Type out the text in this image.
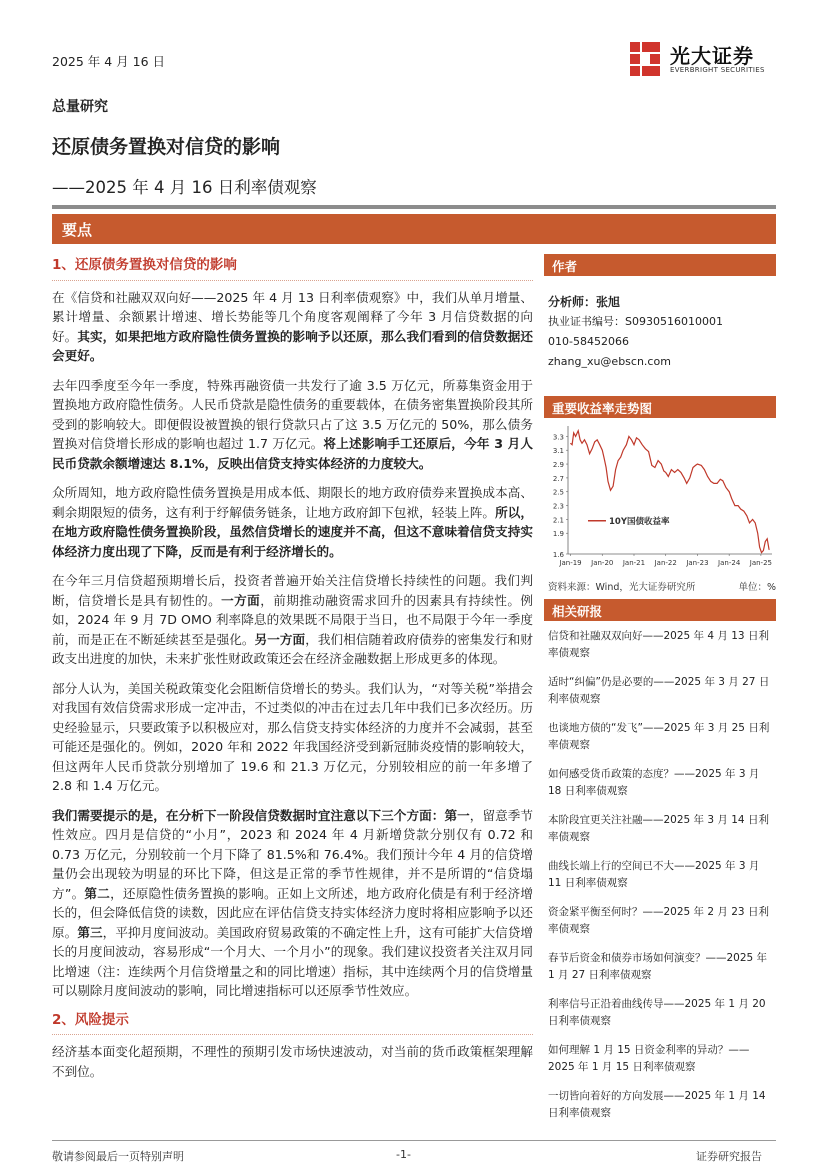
2025 年 4 月 16 日	光大证券
EVERBRIGHT SECURITIES
总量研究
还原债务置换对信贷的影响
——2025 年 4 月 16 日利率债观察
要点
1、还原债务置换对信贷的影响

在《信贷和社融双双向好——2025 年 4 月 13 日利率债观察》中，我们从单月增量、累计增量、余额累计增速、增长势能等几个角度客观阐释了今年 3 月信贷数据的向好。其实，如果把地方政府隐性债务置换的影响予以还原，那么我们看到的信贷数据还会更好。

去年四季度至今年一季度，特殊再融资债一共发行了逾 3.5 万亿元，所募集资金用于置换地方政府隐性债务。人民币贷款是隐性债务的重要载体，在债务密集置换阶段其所受到的影响较大。即便假设被置换的银行贷款只占了这 3.5 万亿元的 50%，那么债务置换对信贷增长形成的影响也超过 1.7 万亿元。将上述影响手工还原后，今年 3 月人民币贷款余额增速达 8.1%，反映出信贷支持实体经济的力度较大。

众所周知，地方政府隐性债务置换是用成本低、期限长的地方政府债券来置换成本高、剩余期限短的债务，这有利于纾解债务链条，让地方政府卸下包袱，轻装上阵。所以，在地方政府隐性债务置换阶段，虽然信贷增长的速度并不高，但这不意味着信贷支持实体经济力度出现了下降，反而是有利于经济增长的。

在今年三月信贷超预期增长后，投资者普遍开始关注信贷增长持续性的问题。我们判断，信贷增长是具有韧性的。一方面，前期推动融资需求回升的因素具有持续性。例如，2024 年 9 月 7D OMO 利率降息的效果既不局限于当日，也不局限于今年一季度前，而是正在不断延续甚至是强化。另一方面，我们相信随着政府债券的密集发行和财政支出进度的加快，未来扩张性财政政策还会在经济金融数据上形成更多的体现。

部分人认为，美国关税政策变化会阻断信贷增长的势头。我们认为，“对等关税”举措会对我国有效信贷需求形成一定冲击，不过类似的冲击在过去几年中我们已多次经历。历史经验显示，只要政策予以积极应对，那么信贷支持实体经济的力度并不会减弱，甚至可能还是强化的。例如，2020 年和 2022 年我国经济受到新冠肺炎疫情的影响较大，但这两年人民币贷款分别增加了 19.6 和 21.3 万亿元，分别较相应的前一年多增了 2.8 和 1.4 万亿元。

我们需要提示的是，在分析下一阶段信贷数据时宜注意以下三个方面：第一，留意季节性效应。四月是信贷的“小月”，2023 和 2024 年 4 月新增贷款分别仅有 0.72 和 0.73 万亿元，分别较前一个月下降了 81.5%和 76.4%。我们预计今年 4 月的信贷增量仍会出现较为明显的环比下降，但这是正常的季节性规律，并不是所谓的“信贷塌方”。第二，还原隐性债务置换的影响。正如上文所述，地方政府化债是有利于经济增长的，但会降低信贷的读数，因此应在评估信贷支持实体经济力度时将相应影响予以还原。第三，平抑月度间波动。美国政府贸易政策的不确定性上升，这有可能扩大信贷增长的月度间波动，容易形成“一个月大、一个月小”的现象。我们建议投资者关注双月同比增速（注：连续两个月信贷增量之和的同比增速）指标，其中连续两个月的信贷增量可以剔除月度间波动的影响，同比增速指标可以还原季节性效应。

2、风险提示

经济基本面变化超预期，不理性的预期引发市场快速波动，对当前的货币政策框架理解不到位。

作者
分析师：张旭
执业证书编号：S0930516010001
010-58452066
zhang_xu@ebscn.com
重要收益率走势图
1.6
1.9
2.1
2.3
2.5
2.7
2.9
3.1
3.3
Jan-19 Jan-20 Jan-21 Jan-22 Jan-23 Jan-24 Jan-25
10Y国债收益率
资料来源：Wind，光大证券研究所	单位：%
相关研报
信贷和社融双双向好——2025 年 4 月 13 日利率债观察
适时“纠偏”仍是必要的——2025 年 3 月 27 日利率债观察
也谈地方债的“发飞”——2025 年 3 月 25 日利率债观察
如何感受货币政策的态度？——2025 年 3 月 18 日利率债观察
本阶段宜更关注社融——2025 年 3 月 14 日利率债观察
曲线长端上行的空间已不大——2025 年 3 月 11 日利率债观察
资金紧平衡至何时？——2025 年 2 月 23 日利率债观察
春节后资金和债券市场如何演变？——2025 年 1 月 27 日利率债观察
利率信号正沿着曲线传导——2025 年 1 月 20 日利率债观察
如何理解 1 月 15 日资金利率的异动？——2025 年 1 月 15 日利率债观察
一切皆向着好的方向发展——2025 年 1 月 14 日利率债观察
敬请参阅最后一页特别声明	-1-	证券研究报告
